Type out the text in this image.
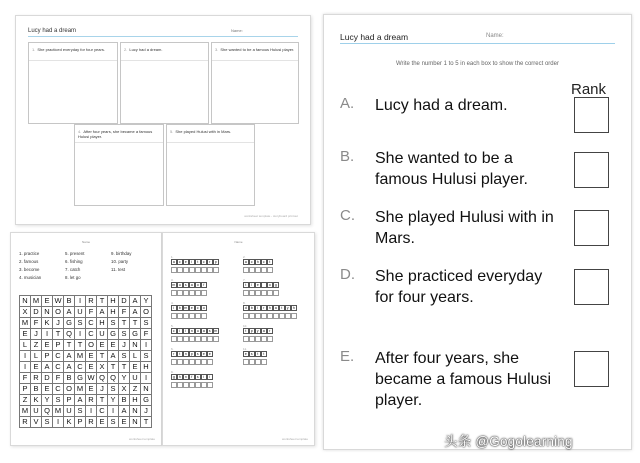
Lucy had a dream	Name:
1. She practiced everyday for four years.	2. Lucy had a dream.	3. She wanted to be a famous Hulusi player.
4. After four years, she became a famous Hulusi player.
5. She played Hulusi with in Mars.
worksheet template - storyboard printout
Name
1. practice	5. present	9. birthday
2. famous	6. fishing	10. party
3. become	7. catch	11. test
4. musician	8. let go
N M E W B I R T H D A Y
X D N O A U F A H F A O
M F K J G S C H S T T S
E J	I	T Q I C U G S G F
L Z E P T T O E E J N I
I	L P C A M E T A S L S
I E A C A C E X T T E H
F R D F B G W Q Q Y U I
P B E C O M E J S X Z N
Z K Y S P A R T Y B H G
M U Q M U S I C I A N J
R V S I K P R E S E N T
worksheet template
Name
1.
a	c	e	i	t	c	r	p
2.
a	c	h	c	t
3.
m u	s	a	o	f
7.
t	l	e	o	g
4.
i	b m e	c	o
8.
d	b	i	r	h	a	t	y	h
5.
c	i	l	n	u	a	s m
10.
t	p	y	a	r
6.
r	t	n	p	s	e	e
11.
e	s	t	t
9.
g	h	n	f	s	i	i
worksheet template
Lucy had a dream	Name:
Write the number 1 to 5 in each box to show the correct order
Rank
A. Lucy had a dream.
B. She wanted to be a famous Hulusi player.
C. She played Hulusi with in Mars.
D. She practiced everyday for four years.
E. After four years, she became a famous Hulusi player.
头条 @Gogolearning
